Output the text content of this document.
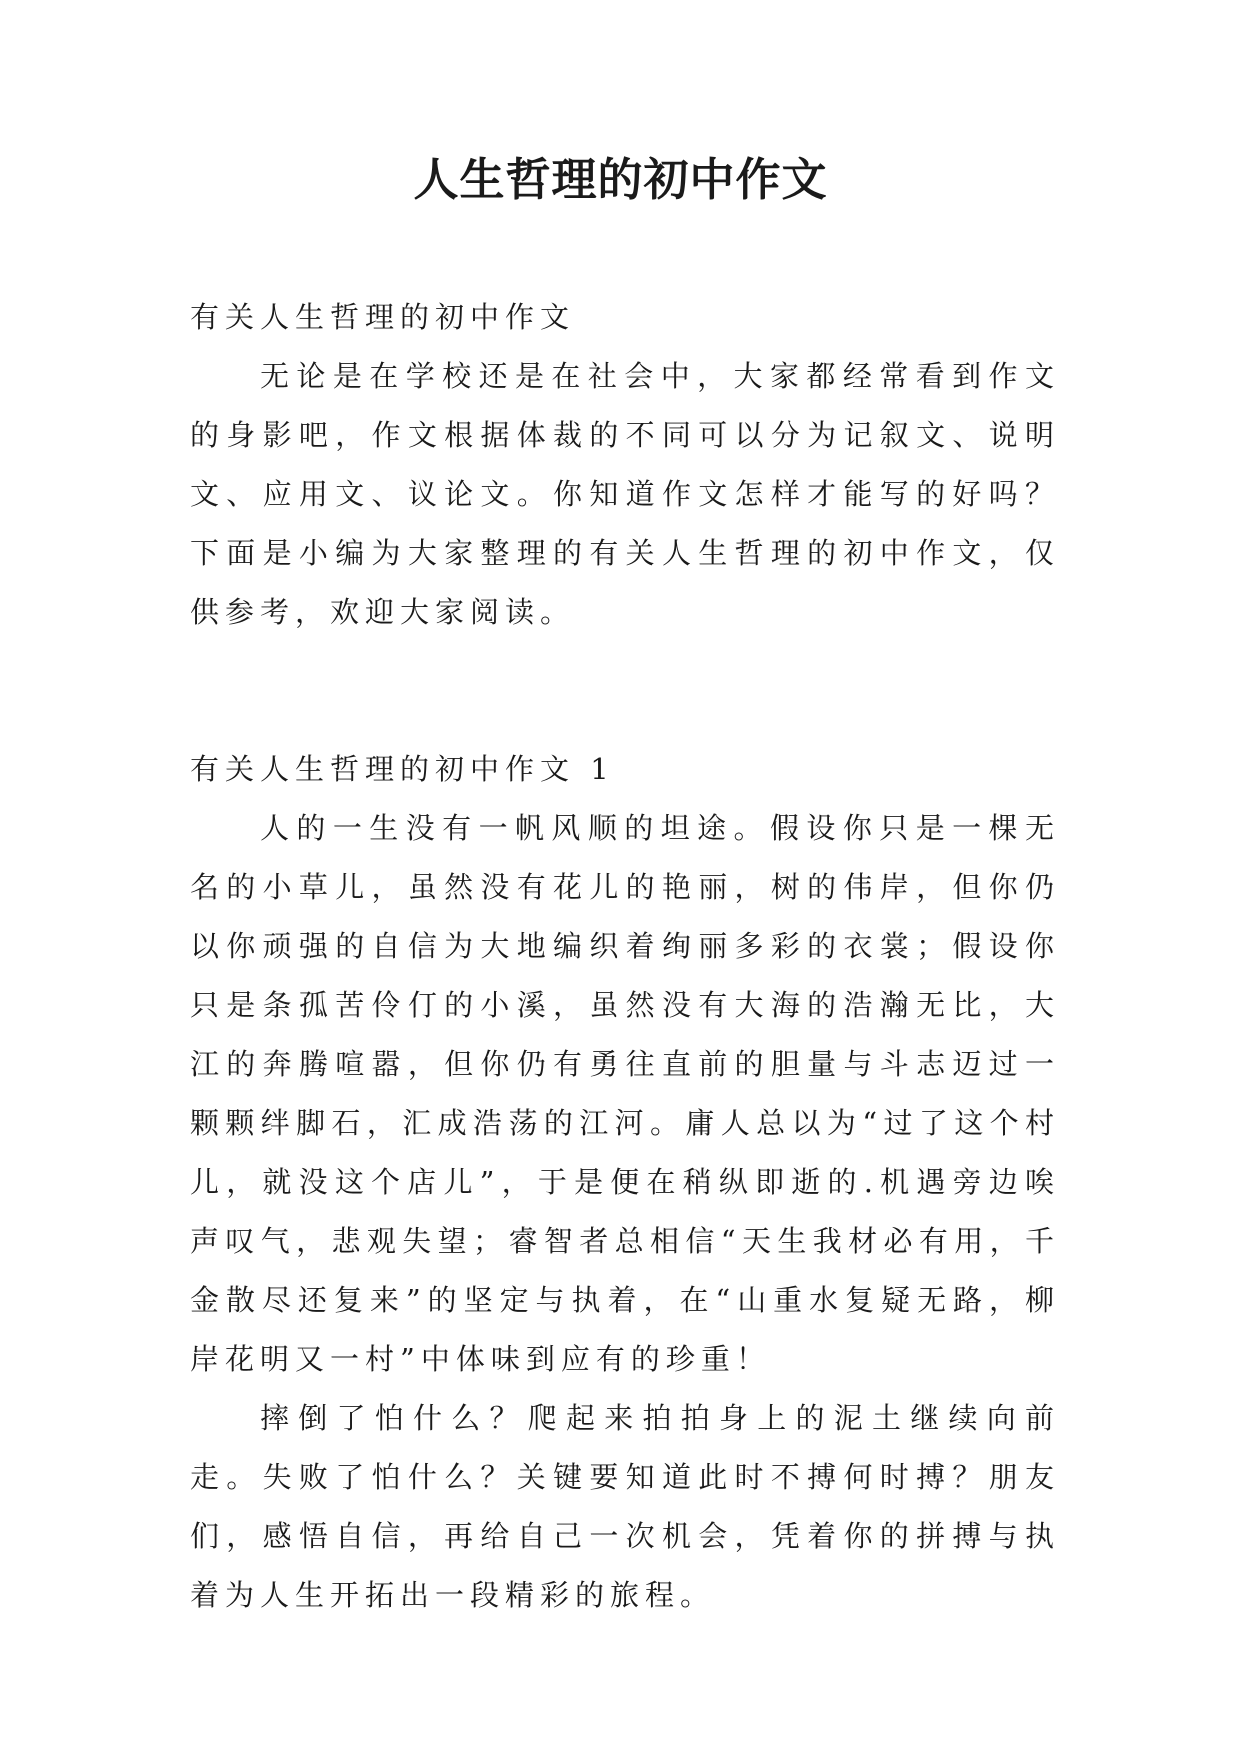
人生哲理的初中作文

有关人生哲理的初中作文

无论是在学校还是在社会中，大家都经常看到作文的身影吧，作文根据体裁的不同可以分为记叙文、说明文、应用文、议论文。你知道作文怎样才能写的好吗？下面是小编为大家整理的有关人生哲理的初中作文，仅供参考，欢迎大家阅读。

有关人生哲理的初中作文 1

人的一生没有一帆风顺的坦途。假设你只是一棵无名的小草儿，虽然没有花儿的艳丽，树的伟岸，但你仍以你顽强的自信为大地编织着绚丽多彩的衣裳；假设你只是条孤苦伶仃的小溪，虽然没有大海的浩瀚无比，大江的奔腾喧嚣，但你仍有勇往直前的胆量与斗志迈过一颗颗绊脚石，汇成浩荡的江河。庸人总以为“过了这个村儿，就没这个店儿”，于是便在稍纵即逝的.机遇旁边唉声叹气，悲观失望；睿智者总相信“天生我材必有用，千金散尽还复来”的坚定与执着，在“山重水复疑无路，柳岸花明又一村”中体味到应有的珍重！

摔倒了怕什么？爬起来拍拍身上的泥土继续向前走。失败了怕什么？关键要知道此时不搏何时搏？朋友们，感悟自信，再给自己一次机会，凭着你的拼搏与执着为人生开拓出一段精彩的旅程。
